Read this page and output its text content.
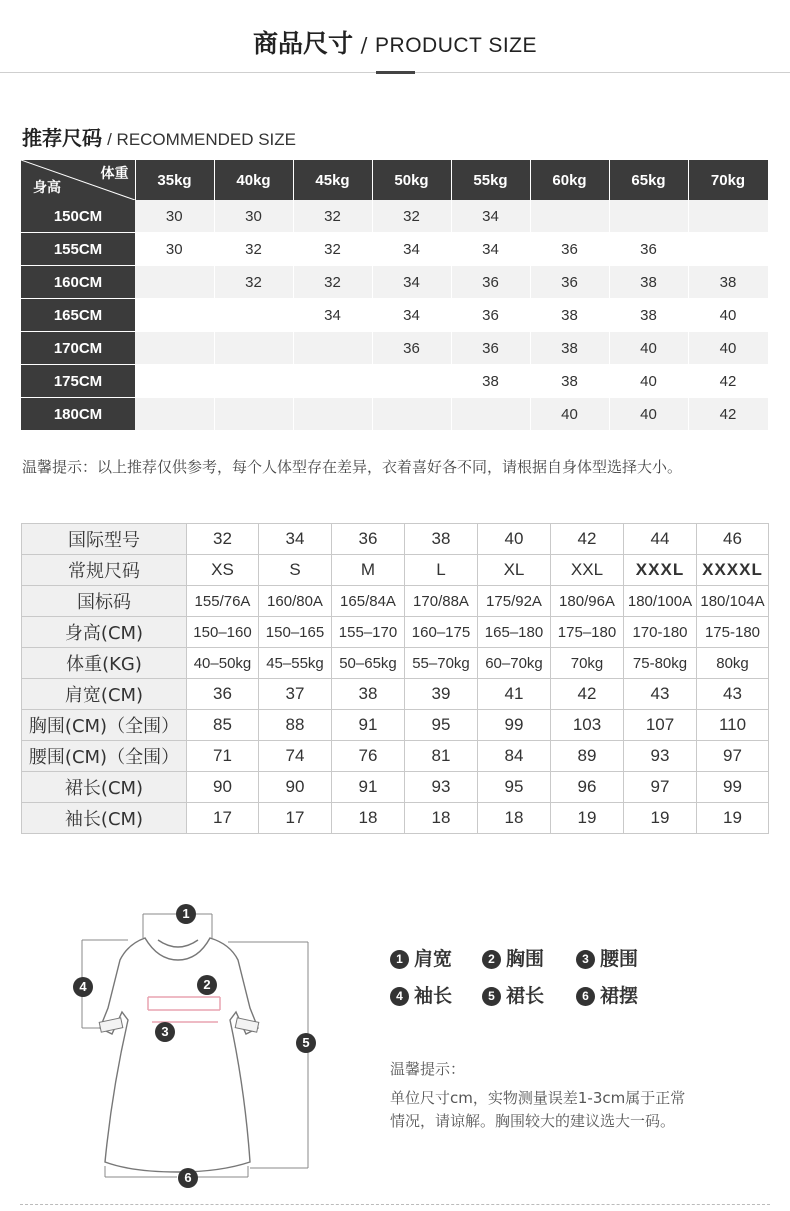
商品尺寸 / PRODUCT SIZE
推荐尺码 / RECOMMENDED SIZE
体重
身高	35kg	40kg	45kg	50kg	55kg	60kg	65kg	70kg
150CM	30	30	32	32	34			
155CM	30	32	32	34	34	36	36	
160CM		32	32	34	36	36	38	38
165CM			34	34	36	38	38	40
170CM				36	36	38	40	40
175CM					38	38	40	42
180CM						40	40	42
温馨提示：以上推荐仅供参考，每个人体型存在差异，衣着喜好各不同，请根据自身体型选择大小。
国际型号	32	34	36	38	40	42	44	46
常规尺码	XS	S	M	L	XL	XXL	XXXL	XXXXL
国标码	155/76A	160/80A	165/84A	170/88A	175/92A	180/96A	180/100A	180/104A
身高(CM)	150–160	150–165	155–170	160–175	165–180	175–180	170-180	175-180
体重(KG)	40–50kg	45–55kg	50–65kg	55–70kg	60–70kg	70kg	75-80kg	80kg
肩宽(CM)	36	37	38	39	41	42	43	43
胸围(CM)（全围）	85	88	91	95	99	103	107	110
腰围(CM)（全围）	71	74	76	81	84	89	93	97
裙长(CM)	90	90	91	93	95	96	97	99
袖长(CM)	17	17	18	18	18	19	19	19
1
2
3
4
5
6
1 肩宽	2 胸围	3 腰围
4 袖长	5 裙长	6 裙摆
温馨提示：
单位尺寸cm，实物测量误差1-3cm属于正常
情况，请谅解。胸围较大的建议选大一码。
